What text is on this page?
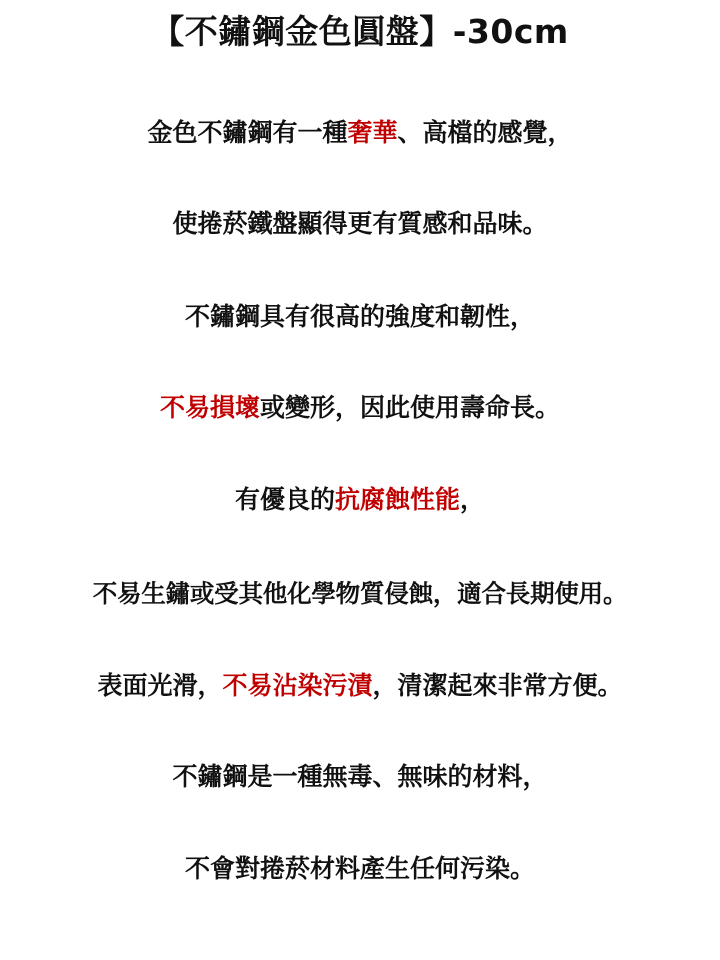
【不鏽鋼金色圓盤】-30cm
金色不鏽鋼有一種奢華、高檔的感覺，
使捲菸鐵盤顯得更有質感和品味。
不鏽鋼具有很高的強度和韌性，
不易損壞或變形，因此使用壽命長。
有優良的抗腐蝕性能，
不易生鏽或受其他化學物質侵蝕，適合長期使用。
表面光滑，不易沾染污漬，清潔起來非常方便。
不鏽鋼是一種無毒、無味的材料，
不會對捲菸材料產生任何污染。
